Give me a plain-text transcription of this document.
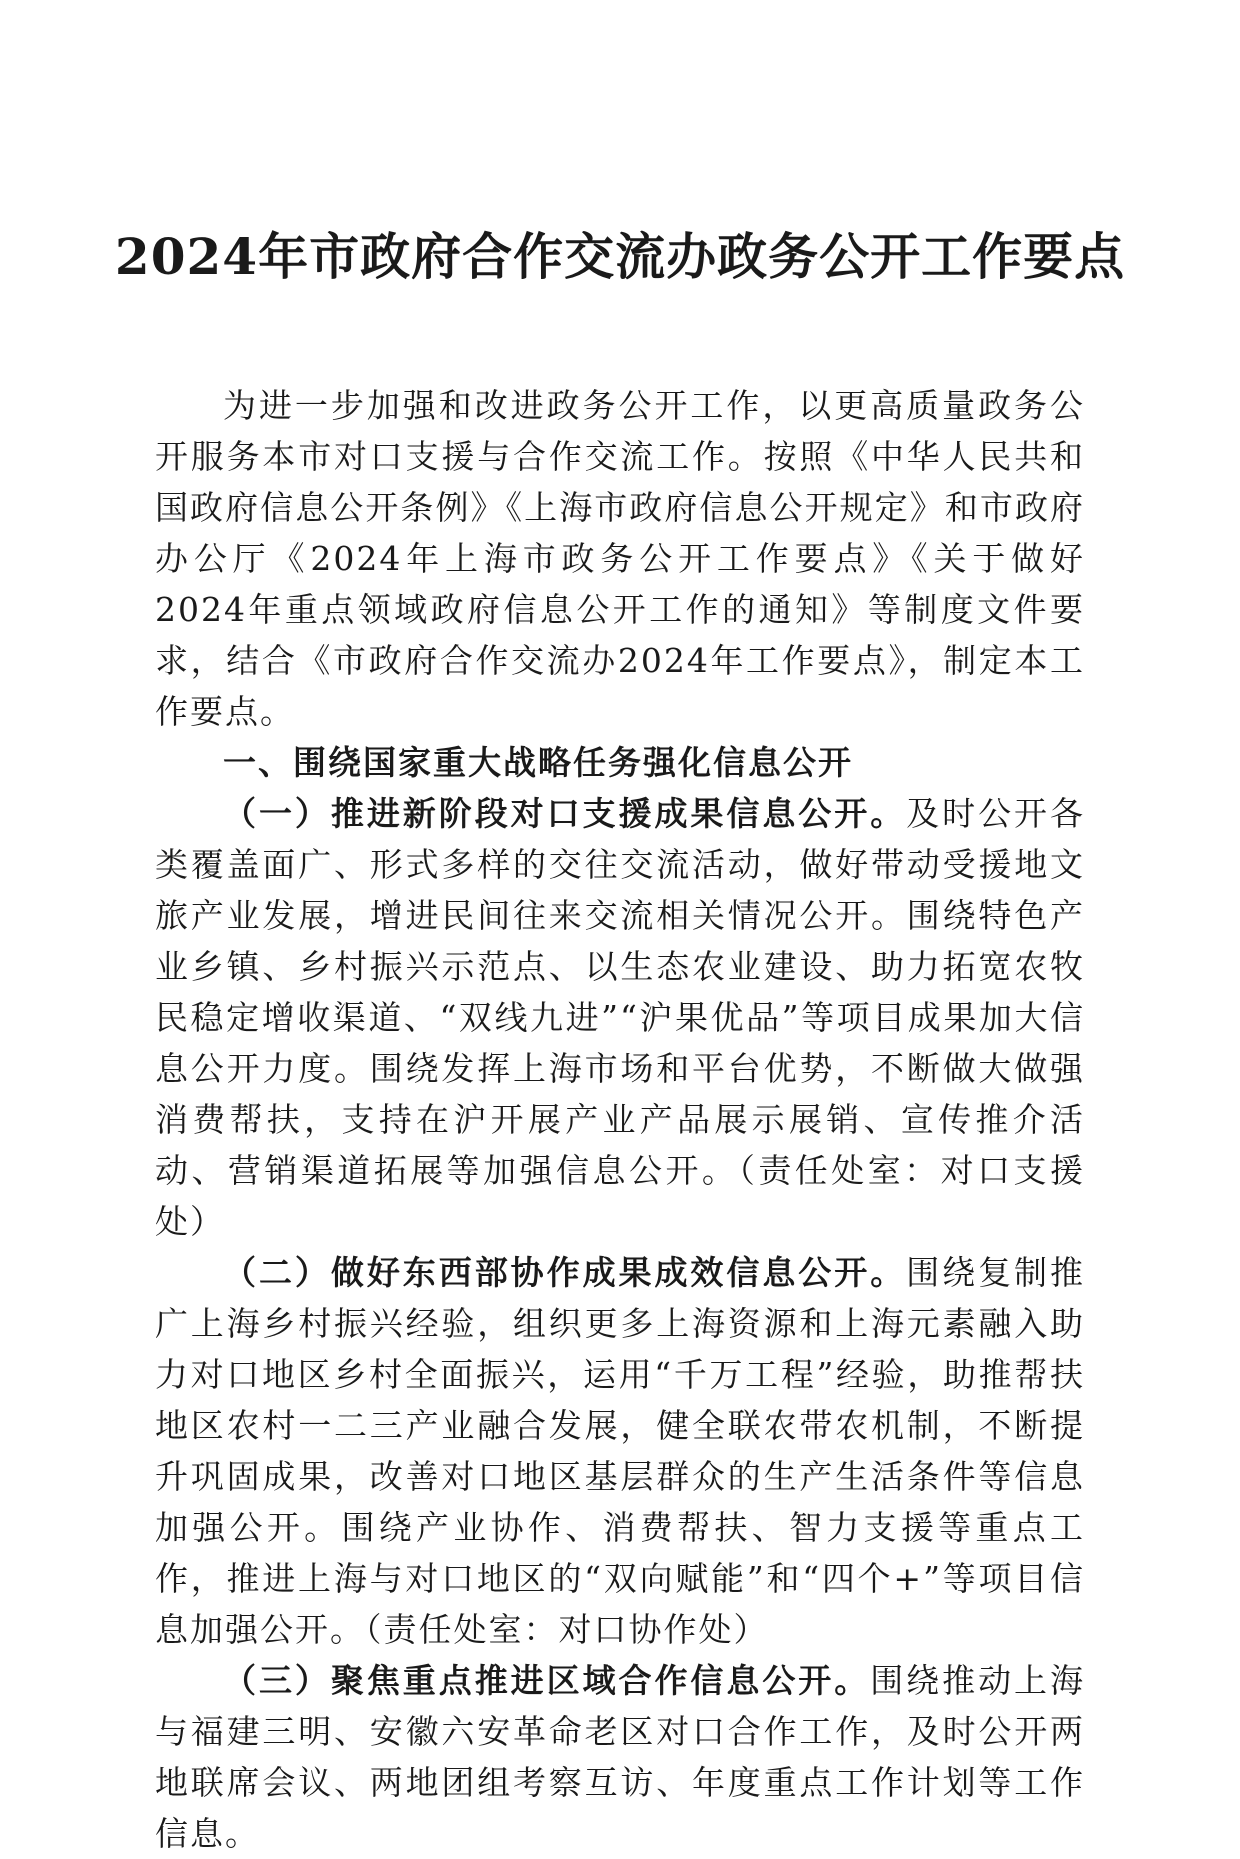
2024年市政府合作交流办政务公开工作要点

为进一步加强和改进政务公开工作，以更高质量政务公开服务本市对口支援与合作交流工作。按照《中华人民共和国政府信息公开条例》《上海市政府信息公开规定》和市政府办公厅《2024年上海市政务公开工作要点》《关于做好2024年重点领域政府信息公开工作的通知》等制度文件要求，结合《市政府合作交流办2024年工作要点》，制定本工作要点。

一、围绕国家重大战略任务强化信息公开

（一）推进新阶段对口支援成果信息公开。及时公开各类覆盖面广、形式多样的交往交流活动，做好带动受援地文旅产业发展，增进民间往来交流相关情况公开。围绕特色产业乡镇、乡村振兴示范点、以生态农业建设、助力拓宽农牧民稳定增收渠道、“双线九进”“沪果优品”等项目成果加大信息公开力度。围绕发挥上海市场和平台优势，不断做大做强消费帮扶，支持在沪开展产业产品展示展销、宣传推介活动、营销渠道拓展等加强信息公开。（责任处室：对口支援处）

（二）做好东西部协作成果成效信息公开。围绕复制推广上海乡村振兴经验，组织更多上海资源和上海元素融入助力对口地区乡村全面振兴，运用“千万工程”经验，助推帮扶地区农村一二三产业融合发展，健全联农带农机制，不断提升巩固成果，改善对口地区基层群众的生产生活条件等信息加强公开。围绕产业协作、消费帮扶、智力支援等重点工作，推进上海与对口地区的“双向赋能”和“四个+”等项目信息加强公开。（责任处室：对口协作处）

（三）聚焦重点推进区域合作信息公开。围绕推动上海与福建三明、安徽六安革命老区对口合作工作，及时公开两地联席会议、两地团组考察互访、年度重点工作计划等工作信息。
